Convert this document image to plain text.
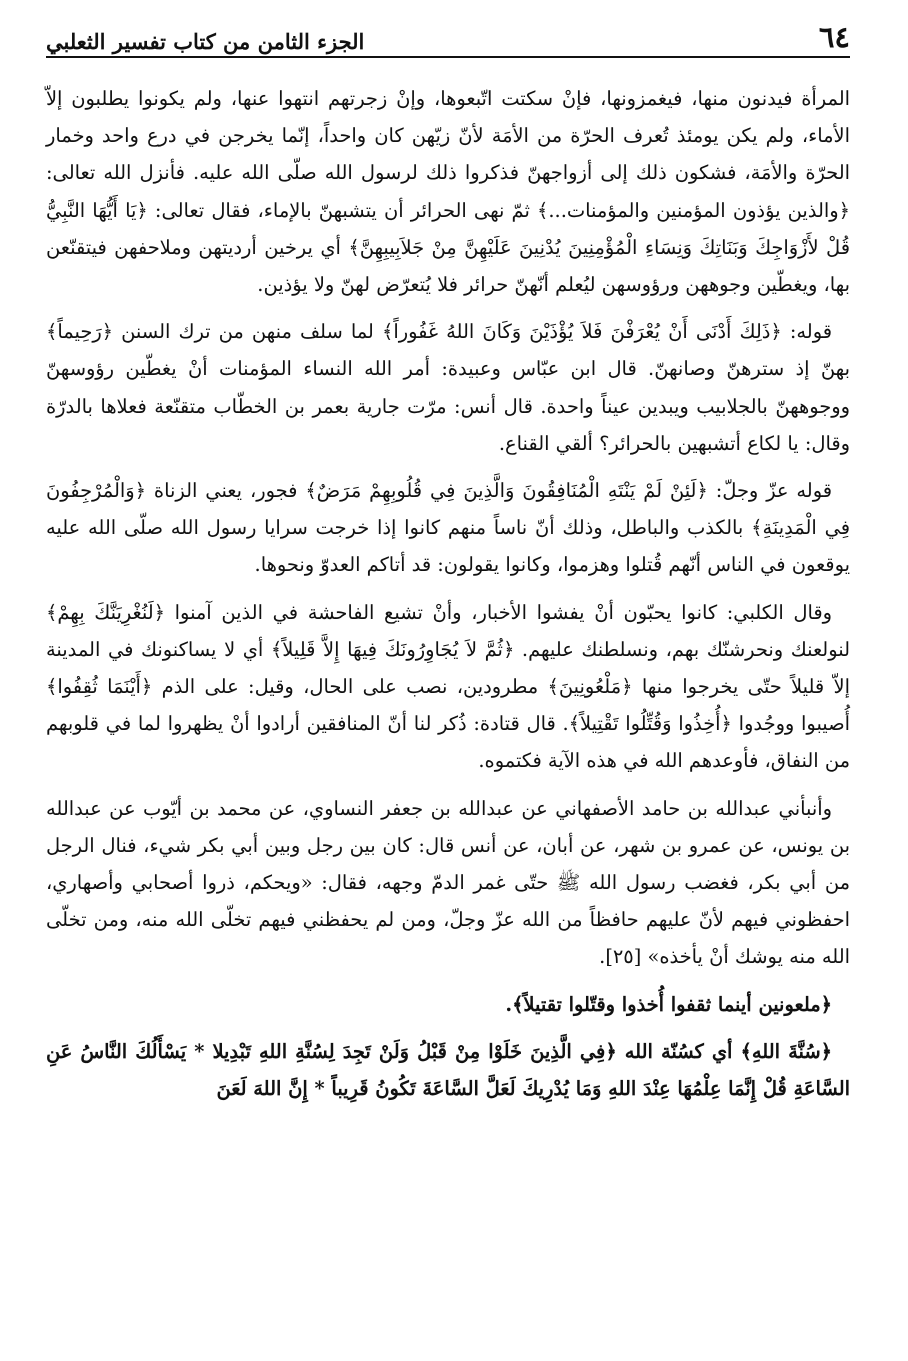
٦٤
الجزء الثامن من كتاب تفسير الثعلبي

المرأة فيدنون منها، فيغمزونها، فإنْ سكتت اتّبعوها، وإنْ زجرتهم انتهوا عنها، ولم يكونوا يطلبون إلاّ الأماء، ولم يكن يومئذ تُعرف الحرّة من الأمَة لأنّ زيّهن كان واحداً، إنّما يخرجن في درع واحد وخمار الحرّة والأمَة، فشكون ذلك إلى أزواجهنّ فذكروا ذلك لرسول الله صلّى الله عليه. فأنزل الله تعالى: ﴿والذين يؤذون المؤمنين والمؤمنات...﴾ ثمّ نهى الحرائر أن يتشبهنّ بالإماء، فقال تعالى: ﴿يَا أَيُّهَا النَّبِيُّ قُلْ لأَزْوَاجِكَ وَبَنَاتِكَ وَنِسَاءِ الْمُؤْمِنِينَ يُدْنِينَ عَلَيْهِنَّ مِنْ جَلاَبِيبِهِنَّ﴾ أي يرخين أرديتهن وملاحفهن فيتقنّعن بها، ويغطّين وجوههن ورؤوسهن ليُعلم أنّهنّ حرائر فلا يُتعرّض لهنّ ولا يؤذين.

قوله: ﴿ذَلِكَ أَدْنَى أَنْ يُعْرَفْنَ فَلاَ يُؤْذَيْنَ وَكَانَ اللهُ غَفُوراً﴾ لما سلف منهن من ترك السنن ﴿رَحِيماً﴾ بهنّ إذ سترهنّ وصانهنّ. قال ابن عبّاس وعبيدة: أمر الله النساء المؤمنات أنْ يغطّين رؤوسهنّ ووجوههنّ بالجلابيب ويبدين عيناً واحدة. قال أنس: مرّت جارية بعمر بن الخطّاب متقنّعة فعلاها بالدرّة وقال: يا لكاع أتشبهين بالحرائر؟ ألقي القناع.

قوله عزّ وجلّ: ﴿لَئِنْ لَمْ يَنْتَهِ الْمُنَافِقُونَ وَالَّذِينَ فِي قُلُوبِهِمْ مَرَضٌ﴾ فجور، يعني الزناة ﴿وَالْمُرْجِفُونَ فِي الْمَدِينَةِ﴾ بالكذب والباطل، وذلك أنّ ناساً منهم كانوا إذا خرجت سرايا رسول الله صلّى الله عليه يوقعون في الناس أنّهم قُتلوا وهزموا، وكانوا يقولون: قد أتاكم العدوّ ونحوها.

وقال الكلبي: كانوا يحبّون أنْ يفشوا الأخبار، وأنْ تشيع الفاحشة في الذين آمنوا ﴿لَنُغْرِيَنَّكَ بِهِمْ﴾ لنولعنك ونحرشنّك بهم، ونسلطنك عليهم. ﴿ثُمَّ لاَ يُجَاوِرُونَكَ فِيهَا إِلاَّ قَلِيلاً﴾ أي لا يساكنونك في المدينة إلاّ قليلاً حتّى يخرجوا منها ﴿مَلْعُونِينَ﴾ مطرودين، نصب على الحال، وقيل: على الذم ﴿أَيْنَمَا ثُقِفُوا﴾ أُصيبوا ووجُدوا ﴿أُخِذُوا وَقُتِّلُوا تَقْتِيلاً﴾. قال قتادة: ذُكر لنا أنّ المنافقين أرادوا أنْ يظهروا لما في قلوبهم من النفاق، فأوعدهم الله في هذه الآية فكتموه.

وأنبأني عبدالله بن حامد الأصفهاني عن عبدالله بن جعفر النساوي، عن محمد بن أيّوب عن عبدالله بن يونس، عن عمرو بن شهر، عن أبان، عن أنس قال: كان بين رجل وبين أبي بكر شيء، فنال الرجل من أبي بكر، فغضب رسول الله ﷺ حتّى غمر الدمّ وجهه، فقال: «ويحكم، ذروا أصحابي وأصهاري، احفظوني فيهم لأنّ عليهم حافظاً من الله عزّ وجلّ، ومن لم يحفظني فيهم تخلّى الله منه، ومن تخلّى الله منه يوشك أنْ يأخذه» [٢٥].

﴿ملعونين أينما ثقفوا أُخذوا وقتّلوا تقتيلاً﴾.

﴿سُنَّةَ اللهِ﴾ أي كسُنّة الله ﴿فِي الَّذِينَ خَلَوْا مِنْ قَبْلُ وَلَنْ تَجِدَ لِسُنَّةِ اللهِ تَبْدِيلا * يَسْأَلُكَ النَّاسُ عَنِ السَّاعَةِ قُلْ إِنَّمَا عِلْمُهَا عِنْدَ اللهِ وَمَا يُدْرِيكَ لَعَلَّ السَّاعَةَ تَكُونُ قَرِيباً * إِنَّ اللهَ لَعَنَ
